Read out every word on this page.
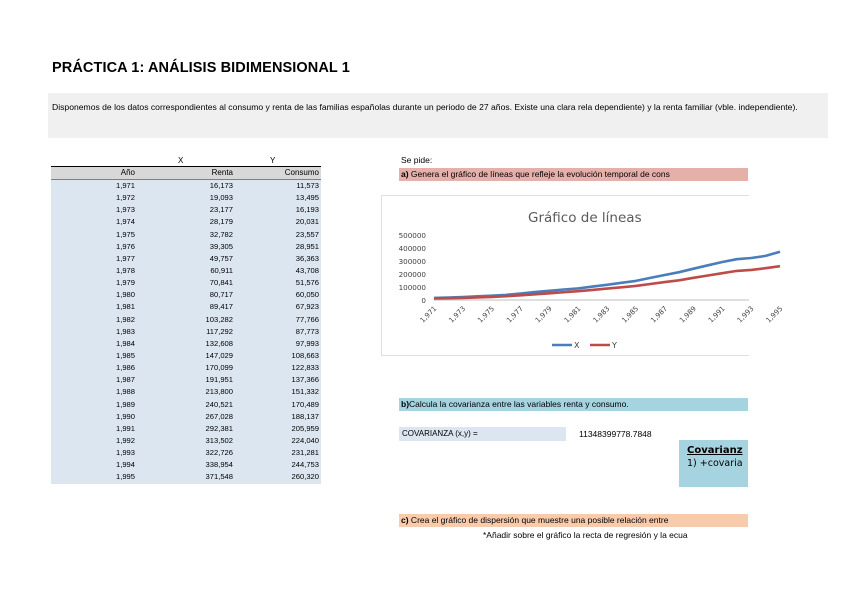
PRÁCTICA 1: ANÁLISIS BIDIMENSIONAL 1
Disponemos de los datos correspondientes al consumo y renta de las familias españolas durante un periodo de 27 años. Existe una clara rela dependiente) y la renta familiar (vble. independiente).
X	Y
Año	Renta	Consumo
1,971	16,173	11,573
1,972	19,093	13,495
1,973	23,177	16,193
1,974	28,179	20,031
1,975	32,782	23,557
1,976	39,305	28,951
1,977	49,757	36,363
1,978	60,911	43,708
1,979	70,841	51,576
1,980	80,717	60,050
1,981	89,417	67,923
1,982	103,282	77,766
1,983	117,292	87,773
1,984	132,608	97,993
1,985	147,029	108,663
1,986	170,099	122,833
1,987	191,951	137,366
1,988	213,800	151,332
1,989	240,521	170,489
1,990	267,028	188,137
1,991	292,381	205,959
1,992	313,502	224,040
1,993	322,726	231,281
1,994	338,954	244,753
1,995	371,548	260,320
Se pide:
a) Genera el gráfico de líneas que refleje la evolución temporal de cons
Gráfico de líneas
500000
400000
300000
200000
100000
0
1,971 1,973 1,975 1,977 1,979 1,981 1,983 1,985 1,987 1,989 1,991 1,993 1,995
X	Y
b)Calcula la covarianza entre las variables renta y consumo.
COVARIANZA (x,y) =	11348399778.7848
Covarianz
1) +covaria
c) Crea el gráfico de dispersión que muestre una posible relación entre
*Añadir sobre el gráfico la recta de regresión y la ecua
